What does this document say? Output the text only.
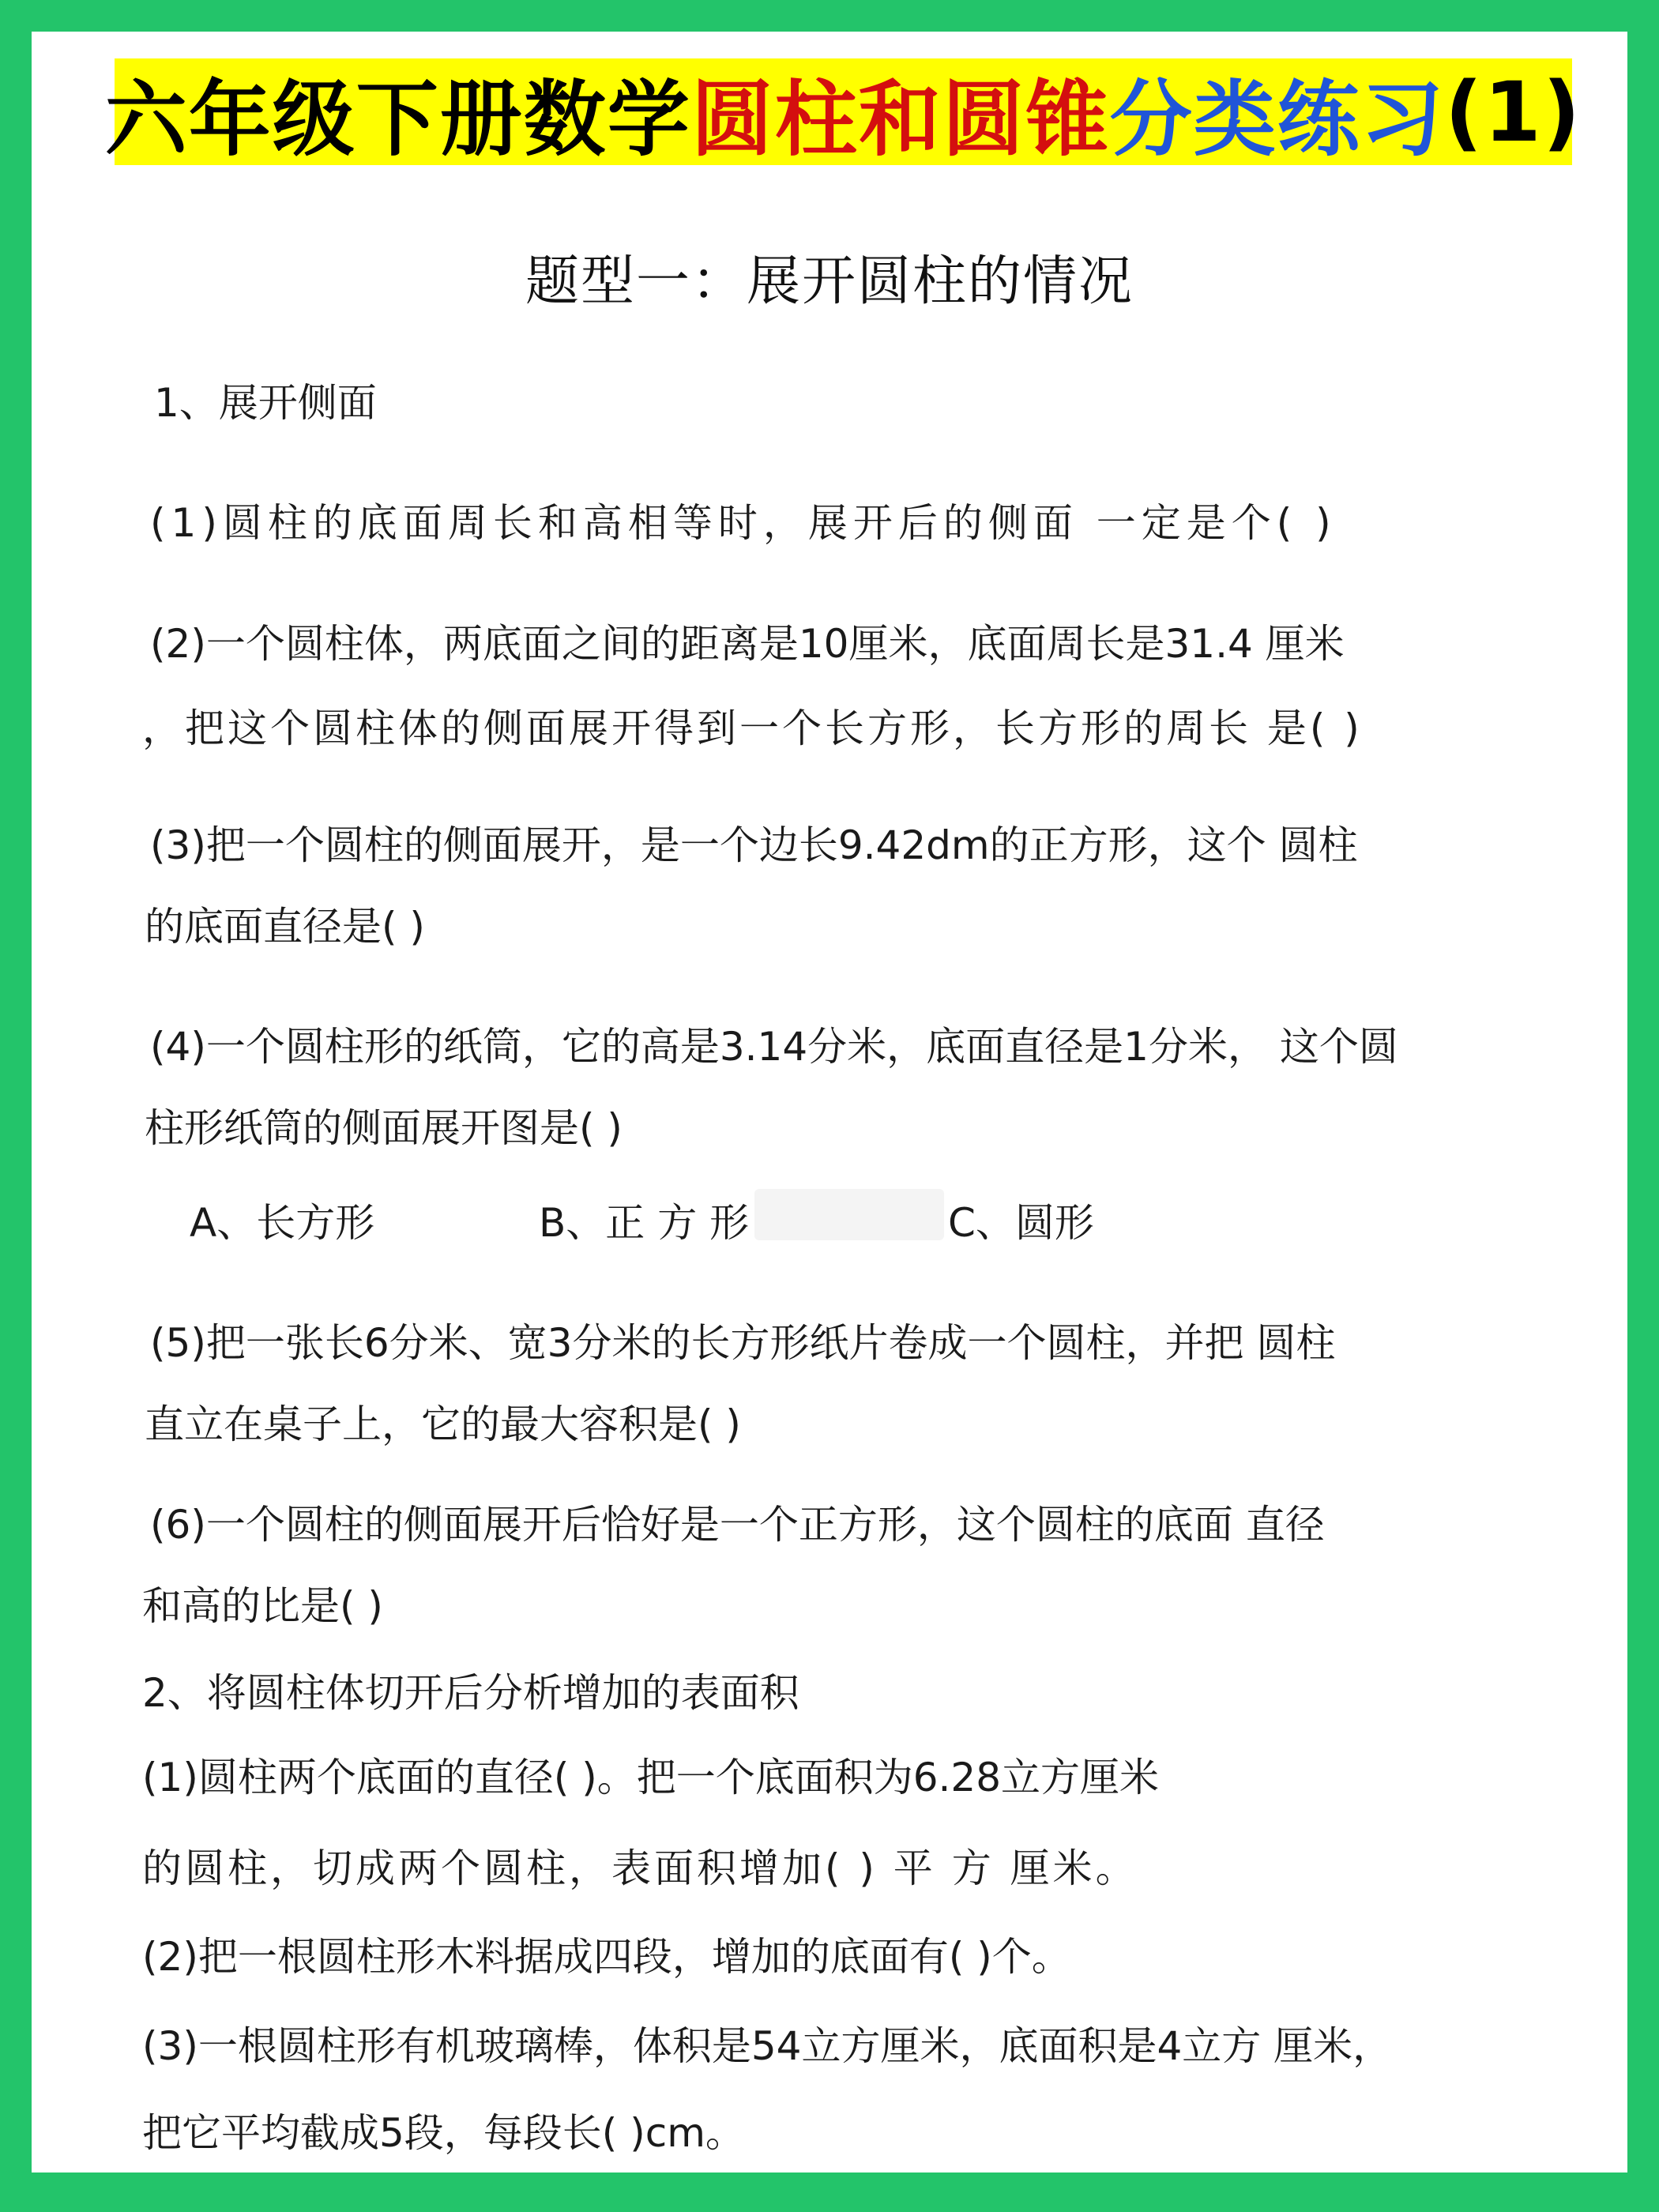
六年级下册数学 圆柱和圆锥 分类练习 (1)
题型一：展开圆柱的情况
1、展开侧面
(1)圆柱的底面周长和高相等时，展开后的侧面 一定是个( )
(2)一个圆柱体，两底面之间的距离是10厘米，底面周长是31.4 厘米
，把这个圆柱体的侧面展开得到一个长方形，长方形的周长 是( )
(3)把一个圆柱的侧面展开，是一个边长9.42dm的正方形，这个 圆柱
的底面直径是( )
(4)一个圆柱形的纸筒，它的高是3.14分米，底面直径是1分米， 这个圆
柱形纸筒的侧面展开图是( )
A、长方形	B、正 方 形	C、圆形
(5)把一张长6分米、宽3分米的长方形纸片卷成一个圆柱，并把 圆柱
直立在桌子上，它的最大容积是( )
(6)一个圆柱的侧面展开后恰好是一个正方形，这个圆柱的底面 直径
和高的比是( )
2、将圆柱体切开后分析增加的表面积
(1)圆柱两个底面的直径( )。把一个底面积为6.28立方厘米
的圆柱，切成两个圆柱，表面积增加( ) 平 方 厘米。
(2)把一根圆柱形木料据成四段，增加的底面有( )个。
(3)一根圆柱形有机玻璃棒，体积是54立方厘米，底面积是4立方 厘米，
把它平均截成5段，每段长( )cm。
